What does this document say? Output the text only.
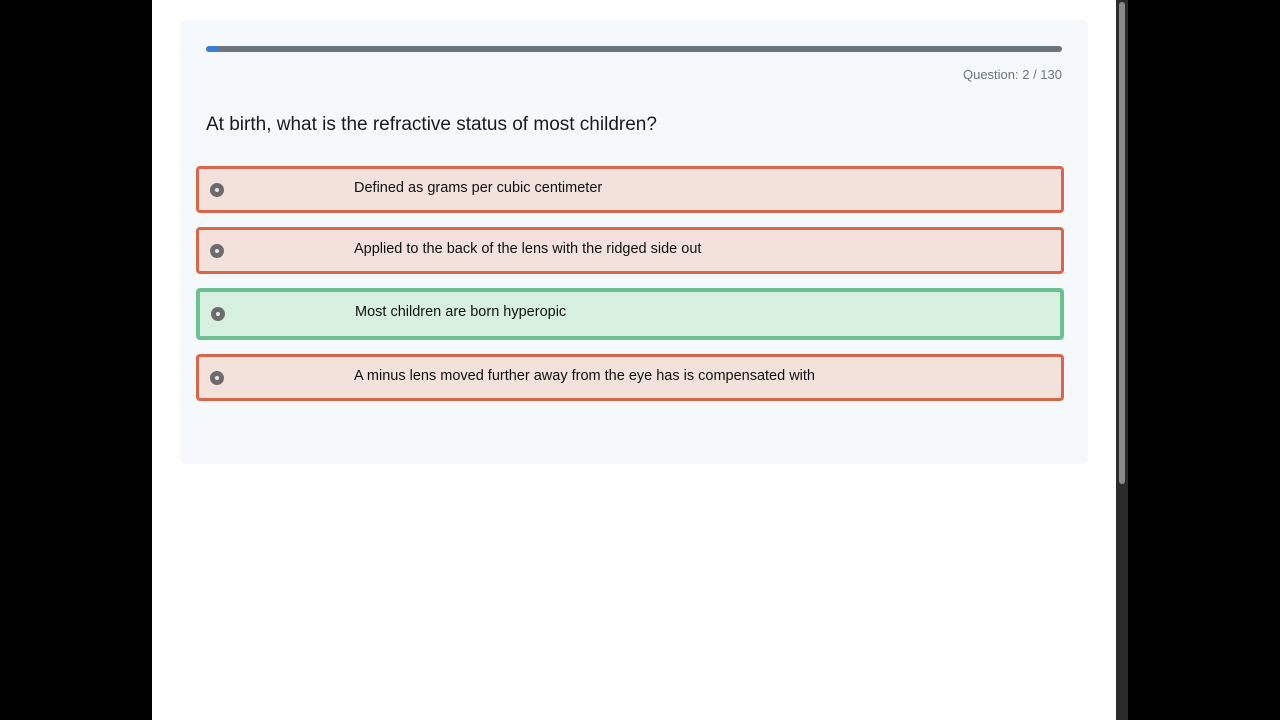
Question: 2 / 130
At birth, what is the refractive status of most children?
Defined as grams per cubic centimeter
Applied to the back of the lens with the ridged side out
Most children are born hyperopic
A minus lens moved further away from the eye has is compensated with
